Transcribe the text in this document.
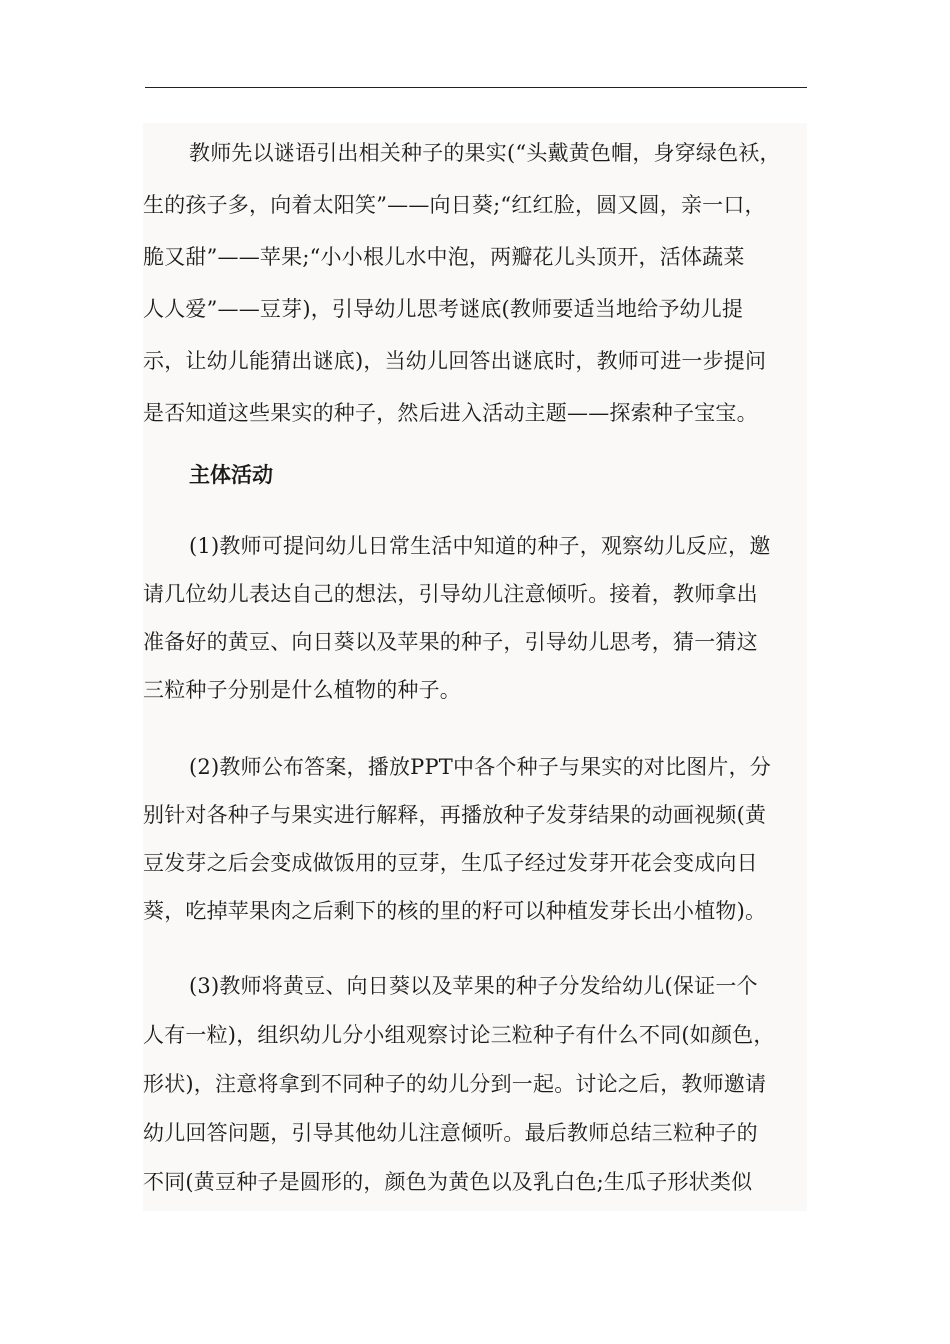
教师先以谜语引出相关种子的果实(“头戴黄色帽，身穿绿色袄，
生的孩子多，向着太阳笑”——向日葵;“红红脸，圆又圆，亲一口，
脆又甜”——苹果;“小小根儿水中泡，两瓣花儿头顶开，活体蔬菜
人人爱”——豆芽)，引导幼儿思考谜底(教师要适当地给予幼儿提
示，让幼儿能猜出谜底)，当幼儿回答出谜底时，教师可进一步提问
是否知道这些果实的种子，然后进入活动主题——探索种子宝宝。
主体活动
(1)教师可提问幼儿日常生活中知道的种子，观察幼儿反应，邀
请几位幼儿表达自己的想法，引导幼儿注意倾听。接着，教师拿出
准备好的黄豆、向日葵以及苹果的种子，引导幼儿思考，猜一猜这
三粒种子分别是什么植物的种子。
(2)教师公布答案，播放PPT中各个种子与果实的对比图片，分
别针对各种子与果实进行解释，再播放种子发芽结果的动画视频(黄
豆发芽之后会变成做饭用的豆芽，生瓜子经过发芽开花会变成向日
葵，吃掉苹果肉之后剩下的核的里的籽可以种植发芽长出小植物)。
(3)教师将黄豆、向日葵以及苹果的种子分发给幼儿(保证一个
人有一粒)，组织幼儿分小组观察讨论三粒种子有什么不同(如颜色，
形状)，注意将拿到不同种子的幼儿分到一起。讨论之后，教师邀请
幼儿回答问题，引导其他幼儿注意倾听。最后教师总结三粒种子的
不同(黄豆种子是圆形的，颜色为黄色以及乳白色;生瓜子形状类似
